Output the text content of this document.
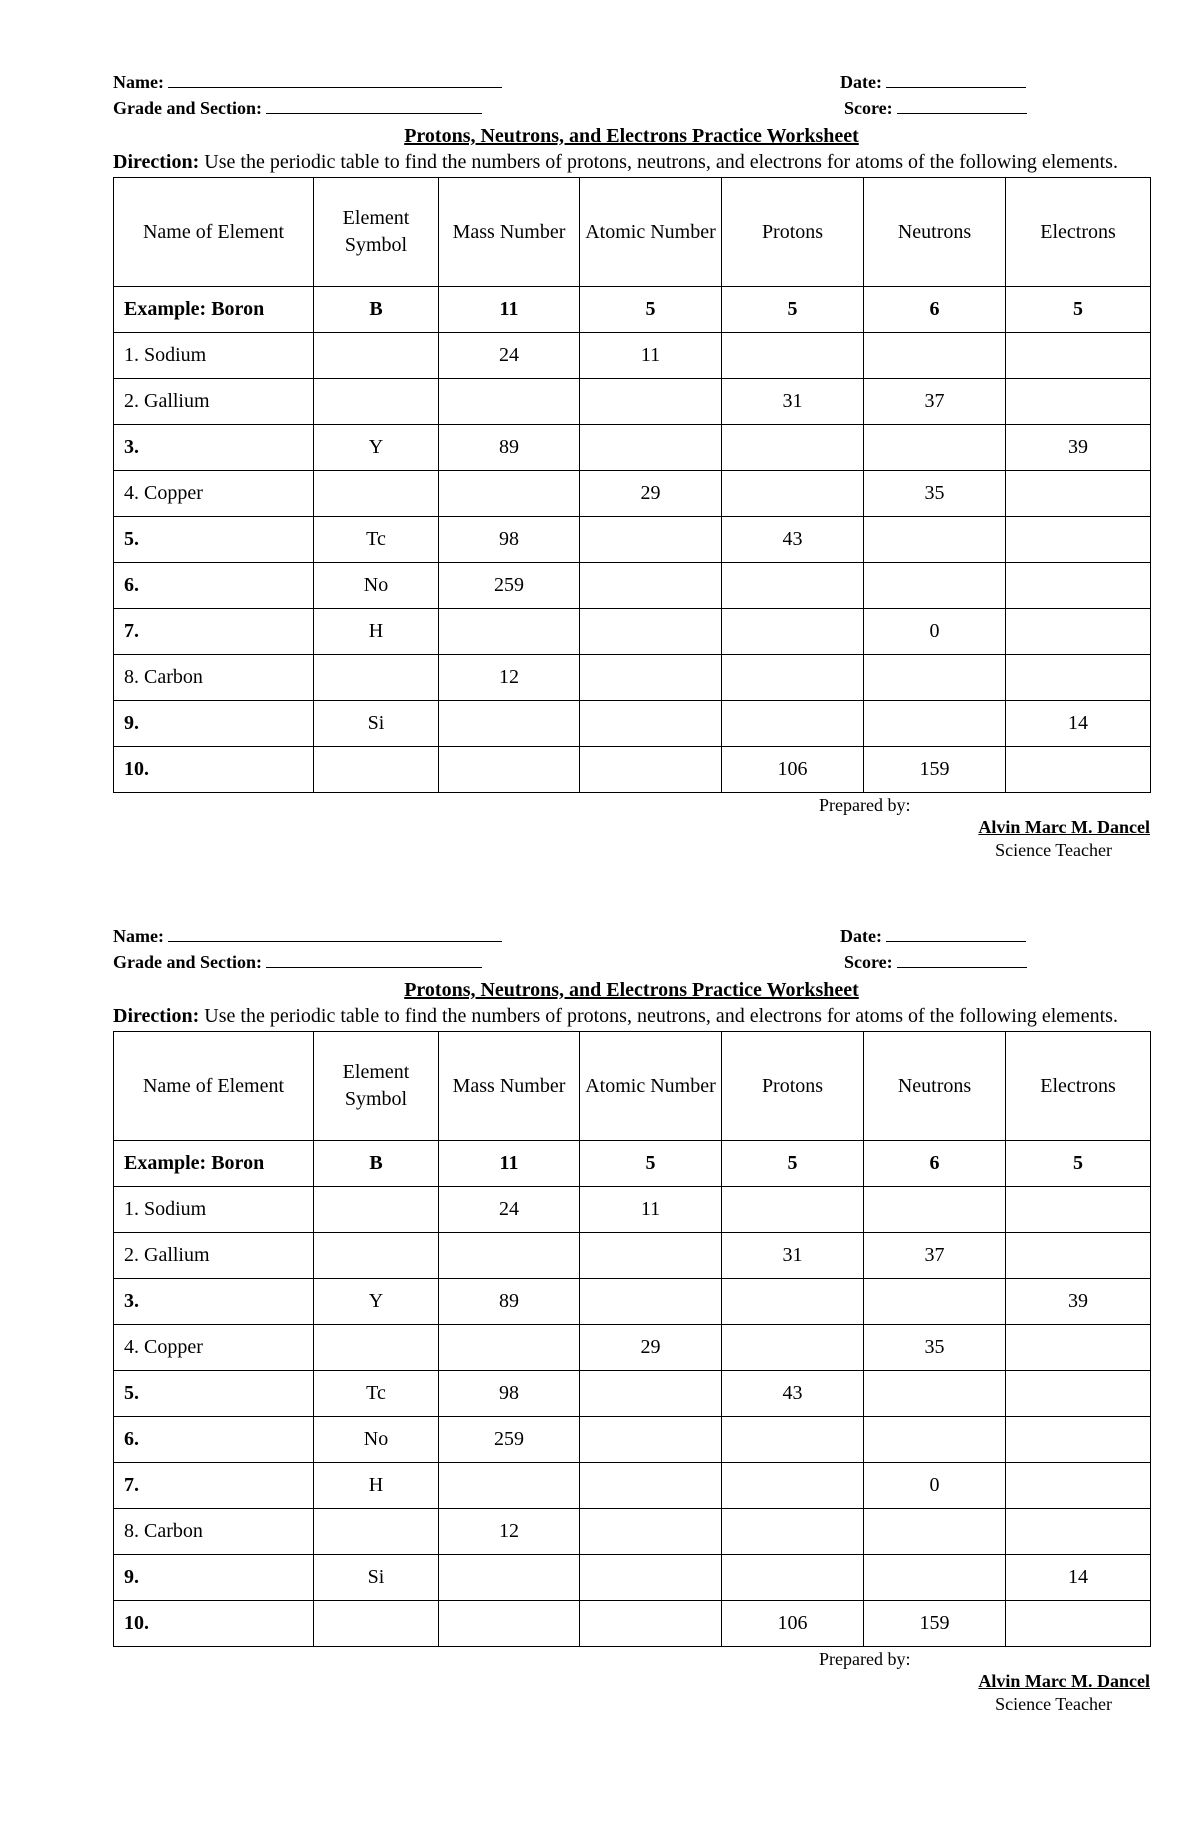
Name:	Date:
Grade and Section:	Score:
Protons, Neutrons, and Electrons Practice Worksheet
Direction: Use the periodic table to find the numbers of protons, neutrons, and electrons for atoms of the following elements.
Name of Element	Element Symbol	Mass Number	Atomic Number	Protons	Neutrons	Electrons
Example: Boron	B	11	5	5	6	5
1. Sodium		24	11			
2. Gallium				31	37	
3.	Y	89				39
4. Copper			29		35	
5.	Tc	98		43		
6.	No	259				
7.	H				0	
8. Carbon		12				
9.	Si					14
10.				106	159	
Prepared by:
Alvin Marc M. Dancel
Science Teacher
Name:	Date:
Grade and Section:	Score:
Protons, Neutrons, and Electrons Practice Worksheet
Direction: Use the periodic table to find the numbers of protons, neutrons, and electrons for atoms of the following elements.
Name of Element	Element Symbol	Mass Number	Atomic Number	Protons	Neutrons	Electrons
Example: Boron	B	11	5	5	6	5
1. Sodium		24	11			
2. Gallium				31	37	
3.	Y	89				39
4. Copper			29		35	
5.	Tc	98		43		
6.	No	259				
7.	H				0	
8. Carbon		12				
9.	Si					14
10.				106	159	
Prepared by:
Alvin Marc M. Dancel
Science Teacher
